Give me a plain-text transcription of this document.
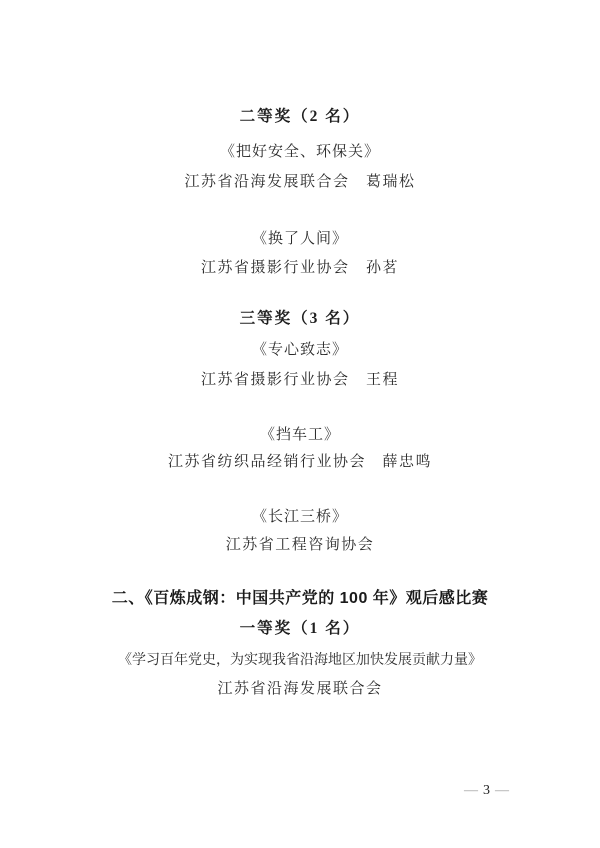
二等奖（2 名）
《把好安全、环保关》
江苏省沿海发展联合会　葛瑞松
《换了人间》
江苏省摄影行业协会　孙茗
三等奖（3 名）
《专心致志》
江苏省摄影行业协会　王程
《挡车工》
江苏省纺织品经销行业协会　薛忠鸣
《长江三桥》
江苏省工程咨询协会
二、《百炼成钢：中国共产党的 100 年》观后感比赛
一等奖（1 名）
《学习百年党史，为实现我省沿海地区加快发展贡献力量》
江苏省沿海发展联合会
— 3 —
